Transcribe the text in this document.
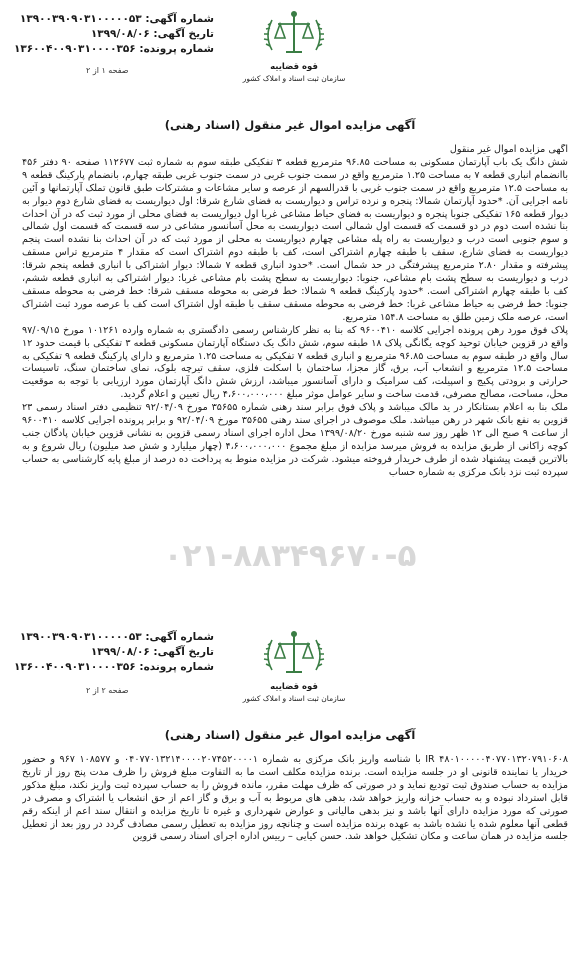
شماره آگهی: ۱۳۹۰۰۳۹۰۹۰۳۱۰۰۰۰۰۵۳
تاریخ آگهی: ۱۳۹۹/۰۸/۰۶
شماره پرونده: ۱۳۶۰۰۴۰۰۹۰۳۱۰۰۰۰۳۵۶
قوه قضاییه
سازمان ثبت اسناد و املاک کشور
صفحه ۱ از ۲
آگهی مزایده اموال غیر منقول (اسناد رهنی)

آگهی مزایده اموال غیر منقول

شش دانگ یک باب آپارتمان مسکونی به مساحت ۹۶.۸۵ مترمربع قطعه ۳ تفکیکی طبقه سوم به شماره ثبت ۱۱۲۶۷۷ صفحه ۹۰ دفتر ۴۵۶ باانضمام انباری قطعه ۷ به مساحت ۱.۲۵ مترمربع واقع در سمت جنوب غربی در سمت جنوب غربی طبقه چهارم، بانضمام پارکینگ قطعه ۹ به مساحت ۱۲.۵ مترمربع واقع در سمت جنوب غربی با قدرالسهم از عرصه و سایر مشاعات و مشترکات طبق قانون تملک آپارتمانها و آئین نامه اجرایی آن. *حدود آپارتمان شمالا: پنجره و نرده تراس و دیواریست به فضای شارع شرقا: اول دیواریست به فضای شارع دوم دیوار به دیوار قطعه ۱۶۵ تفکیکی جنوبا پنجره و دیواریست به فضای حیاط مشاعی غربا اول دیواریست به فضای محلی از مورد ثبت که در آن احداث بنا نشده است دوم در دو قسمت که قسمت اول شمالی است دیواریست به محل آسانسور مشاعی در سه قسمت که قسمت اول شمالی و سوم جنوبی است درب و دیواریست به راه پله مشاعی چهارم دیواریست به محلی از مورد ثبت که در آن احداث بنا نشده است پنجم دیواریست به فضای شارع، سقف با طبقه چهارم اشتراکی است، کف با طبقه دوم اشتراک است که مقدار ۴ مترمربع تراس مسقف پیشرفته و مقدار ۲.۸۰ مترمربع پیشرفتگی در حد شمال است. *حدود انباری قطعه ۷ شمالا: دیوار اشتراکی با انباری قطعه پنجم شرقا: درب و دیواریست به سطح پشت بام مشاعی، جنوبا: دیواریست به سطح پشت بام مشاعی غربا: دیوار اشتراکی به انباری قطعه ششم، کف با طبقه چهارم اشتراکی است. *حدود پارکینگ قطعه ۹ شمالا: خط فرضی به محوطه مسقف شرقا: خط فرضی به محوطه مسقف جنوبا: خط فرضی به حیاط مشاعی غربا: خط فرضی به محوطه مسقف سقف با طبقه اول اشتراک است کف با عرصه مورد ثبت اشتراک است، عرصه ملک زمین طلق به مساحت ۱۵۴.۸ مترمربع.

پلاک فوق مورد رهن پرونده اجرایی کلاسه ۹۶۰۰۴۱۰ که بنا به نظر کارشناس رسمی دادگستری به شماره وارده ۱۰۱۲۶۱ مورخ ۹۷/۰۹/۱۵ واقع در قزوین خیابان توحید کوچه یگانگی پلاک ۱۸ طبقه سوم، شش دانگ یک دستگاه آپارتمان مسکونی قطعه ۳ تفکیکی با قیمت حدود ۱۲ سال واقع در طبقه سوم به مساحت ۹۶.۸۵ مترمربع و انباری قطعه ۷ تفکیکی به مساحت ۱.۲۵ مترمربع و دارای پارکینگ قطعه ۹ تفکیکی به مساحت ۱۲.۵ مترمربع و انشعاب آب، برق، گاز مجزا، ساختمان با اسکلت فلزی، سقف تیرچه بلوک، نمای ساختمان سنگ، تاسیسات حرارتی و برودتی پکیج و اسپیلت، کف سرامیک و دارای آسانسور میباشد، ارزش شش دانگ آپارتمان مورد ارزیابی با توجه به موقعیت محل، مساحت، مصالح مصرفی، قدمت ساخت و سایر عوامل موثر مبلغ ۴،۶۰۰،۰۰۰،۰۰۰ ریال تعیین و اعلام گردید.

ملک بنا به اعلام بستانکار در ید مالک میباشد و پلاک فوق برابر سند رهنی شماره ۳۵۶۵۵ مورخ ۹۲/۰۴/۰۹ تنظیمی دفتر اسناد رسمی ۲۳ قزوین به نفع بانک شهر در رهن میباشد. ملک موصوف در اجرای سند رهنی ۳۵۶۵۵ مورخ ۹۲/۰۴/۰۹ و برابر پرونده اجرایی کلاسه ۹۶۰۰۴۱۰ از ساعت ۹ صبح الی ۱۲ ظهر روز سه شنبه مورخ ۱۳۹۹/۰۸/۲۰ محل اداره اجرای اسناد رسمی قزوین به نشانی قزوین خیابان پادگان جنب کوچه زاکانی از طریق مزایده به فروش میرسد مزایده از مبلغ مجموع ۴،۶۰۰،۰۰۰،۰۰۰ (چهار میلیارد و شش صد میلیون) ریال شروع و به بالاترین قیمت پیشنهاد شده از طرف خریدار فروخته میشود. شرکت در مزایده منوط به پرداخت ده درصد از مبلغ پایه کارشناسی به حساب سپرده ثبت نزد بانک مرکزی به شماره حساب

۰۲۱-۸۸۳۴۹۶۷۰-۵
شماره آگهی: ۱۳۹۰۰۳۹۰۹۰۳۱۰۰۰۰۰۵۳
تاریخ آگهی: ۱۳۹۹/۰۸/۰۶
شماره پرونده: ۱۳۶۰۰۴۰۰۹۰۳۱۰۰۰۰۳۵۶
قوه قضاییه
سازمان ثبت اسناد و املاک کشور
صفحه ۲ از ۲
آگهی مزایده اموال غیر منقول (اسناد رهنی)

IR ۴۸۰۱۰۰۰۰۰۴۰۷۷۰۱۳۲۰۷۹۱۰۶۰۸ با شناسه واریز بانک مرکزی به شماره ۰۴۰۷۷۰۱۳۲۱۴۰۰۰۰۲۰۷۴۵۲۰۰۰۰۱ و ۱۰۸۵۷۷ ۹۶۷ و حضور خریدار یا نماینده قانونی او در جلسه مزایده است. برنده مزایده مکلف است ما به التفاوت مبلغ فروش را ظرف مدت پنج روز از تاریخ مزایده به حساب صندوق ثبت تودیع نماید و در صورتی که ظرف مهلت مقرر، مانده فروش را به حساب سپرده ثبت واریز نکند، مبلغ مذکور قابل استرداد نبوده و به حساب خزانه واریز خواهد شد، بدهی های مربوط به آب و برق و گاز اعم از حق انشعاب یا اشتراک و مصرف در صورتی که مورد مزایده دارای آنها باشد و نیز بدهی مالیاتی و عوارض شهرداری و غیره تا تاریخ مزایده و انتقال سند اعم از اینکه رقم قطعی آنها معلوم شده یا نشده باشد به عهده برنده مزایده است و چنانچه روز مزایده به تعطیل رسمی مصادف گردد در روز بعد از تعطیل جلسه مزایده در همان ساعت و مکان تشکیل خواهد شد. حسن کیایی – رییس اداره اجرای اسناد رسمی قزوین
